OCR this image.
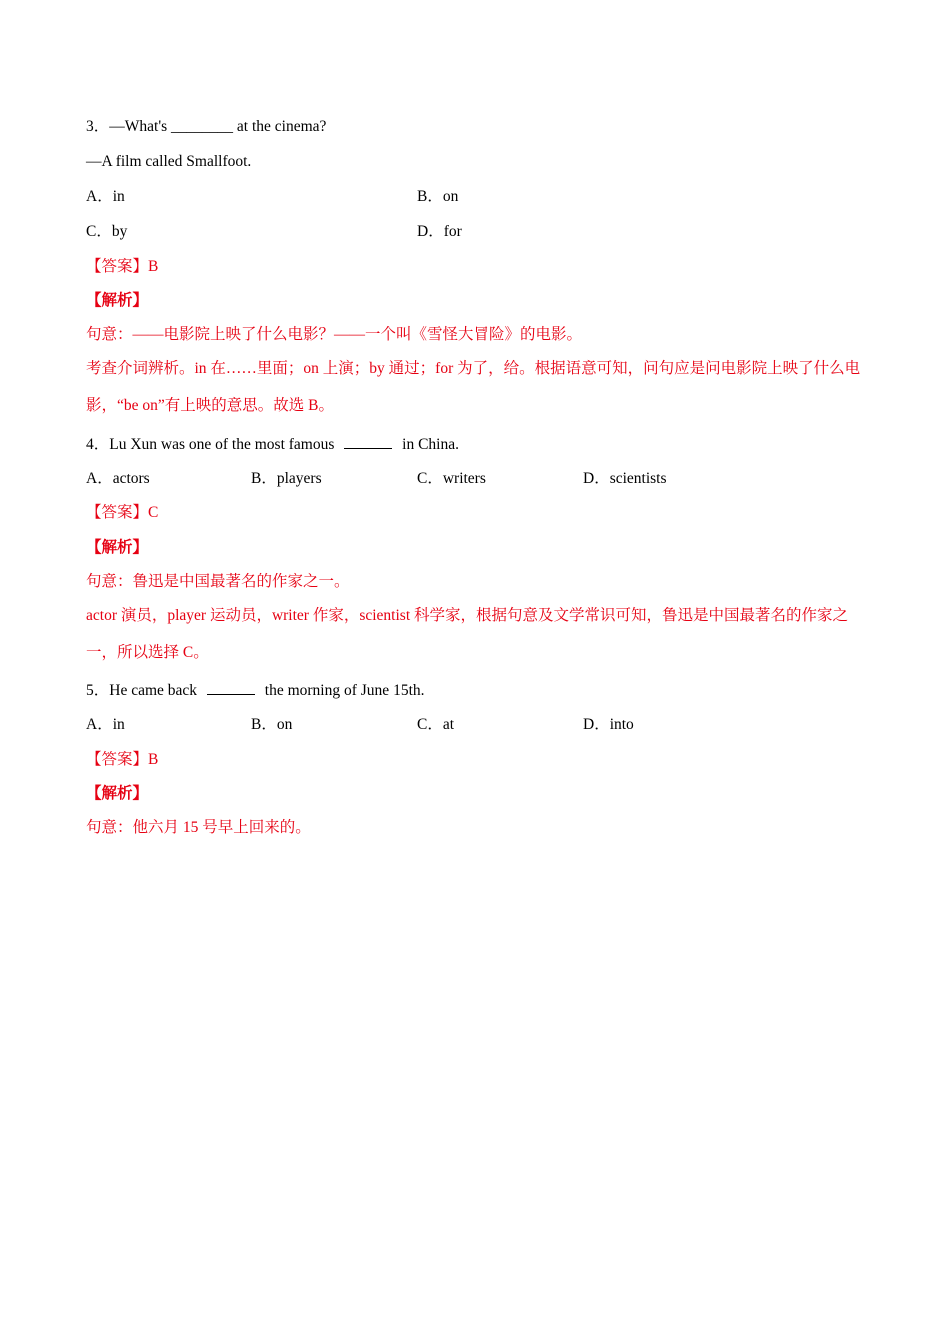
3．—What's ________ at the cinema?
—A film called Smallfoot.
A．in	B．on
C．by	D．for
【答案】B
【解析】
句意：——电影院上映了什么电影？——一个叫《雪怪大冒险》的电影。
考查介词辨析。in 在……里面；on 上演；by 通过；for 为了，给。根据语意可知，问句应是问电影院上映了什么电影，“be on”有上映的意思。故选 B。
4．Lu Xun was one of the most famous	in China.
A．actors	B．players	C．writers	D．scientists
【答案】C
【解析】
句意：鲁迅是中国最著名的作家之一。
actor 演员，player 运动员，writer 作家，scientist 科学家，根据句意及文学常识可知，鲁迅是中国最著名的作家之一，所以选择 C。
5．He came back	the morning of June 15th.
A．in	B．on	C．at	D．into
【答案】B
【解析】
句意：他六月 15 号早上回来的。
